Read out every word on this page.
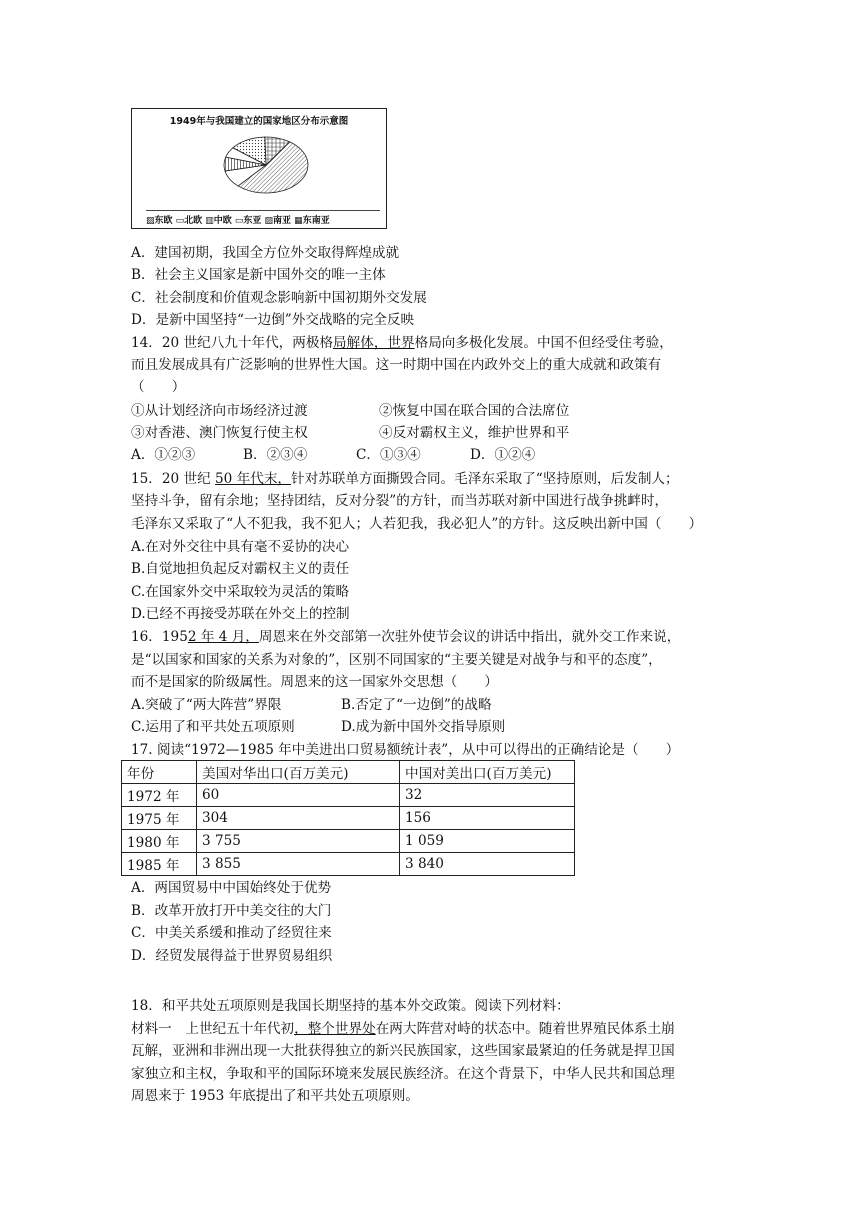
1949年与我国建立的国家地区分布示意图
▨东欧 ▭北欧 ▥中欧 ▭东亚 ▨南亚 ▦东南亚
A．建国初期，我国全方位外交取得辉煌成就
B．社会主义国家是新中国外交的唯一主体
C．社会制度和价值观念影响新中国初期外交发展
D．是新中国坚持“一边倒”外交战略的完全反映
14．20 世纪八九十年代，两极格局解体，世界格局向多极化发展。中国不但经受住考验，
而且发展成具有广泛影响的世界性大国。这一时期中国在内政外交上的重大成就和政策有
（　　）
①从计划经济向市场经济过渡	②恢复中国在联合国的合法席位
③对香港、澳门恢复行使主权	④反对霸权主义，维护世界和平
A．①②③	B．②③④	C．①③④	D．①②④
15．20 世纪 50 年代末，针对苏联单方面撕毁合同。毛泽东采取了“坚持原则，后发制人；
坚持斗争，留有余地；坚持团结，反对分裂”的方针，而当苏联对新中国进行战争挑衅时，
毛泽东又采取了“人不犯我，我不犯人；人若犯我，我必犯人”的方针。这反映出新中国（　　）
A.在对外交往中具有毫不妥协的决心
B.自觉地担负起反对霸权主义的责任
C.在国家外交中采取较为灵活的策略
D.已经不再接受苏联在外交上的控制
16．1952 年 4 月，周恩来在外交部第一次驻外使节会议的讲话中指出，就外交工作来说，
是“以国家和国家的关系为对象的”，区别不同国家的“主要关键是对战争与和平的态度”，
而不是国家的阶级属性。周恩来的这一国家外交思想（　　）
A.突破了“两大阵营”界限	B.否定了“一边倒”的战略
C.运用了和平共处五项原则	D.成为新中国外交指导原则
17. 阅读“1972—1985 年中美进出口贸易额统计表”，从中可以得出的正确结论是（　　）
年份	美国对华出口(百万美元)	中国对美出口(百万美元)
1972 年	60	32
1975 年	304	156
1980 年	3 755	1 059
1985 年	3 855	3 840
A．两国贸易中中国始终处于优势
B．改革开放打开中美交往的大门
C．中美关系缓和推动了经贸往来
D．经贸发展得益于世界贸易组织
18．和平共处五项原则是我国长期坚持的基本外交政策。阅读下列材料：
材料一　上世纪五十年代初，整个世界处在两大阵营对峙的状态中。随着世界殖民体系土崩
瓦解，亚洲和非洲出现一大批获得独立的新兴民族国家，这些国家最紧迫的任务就是捍卫国
家独立和主权，争取和平的国际环境来发展民族经济。在这个背景下，中华人民共和国总理
周恩来于 1953 年底提出了和平共处五项原则。
